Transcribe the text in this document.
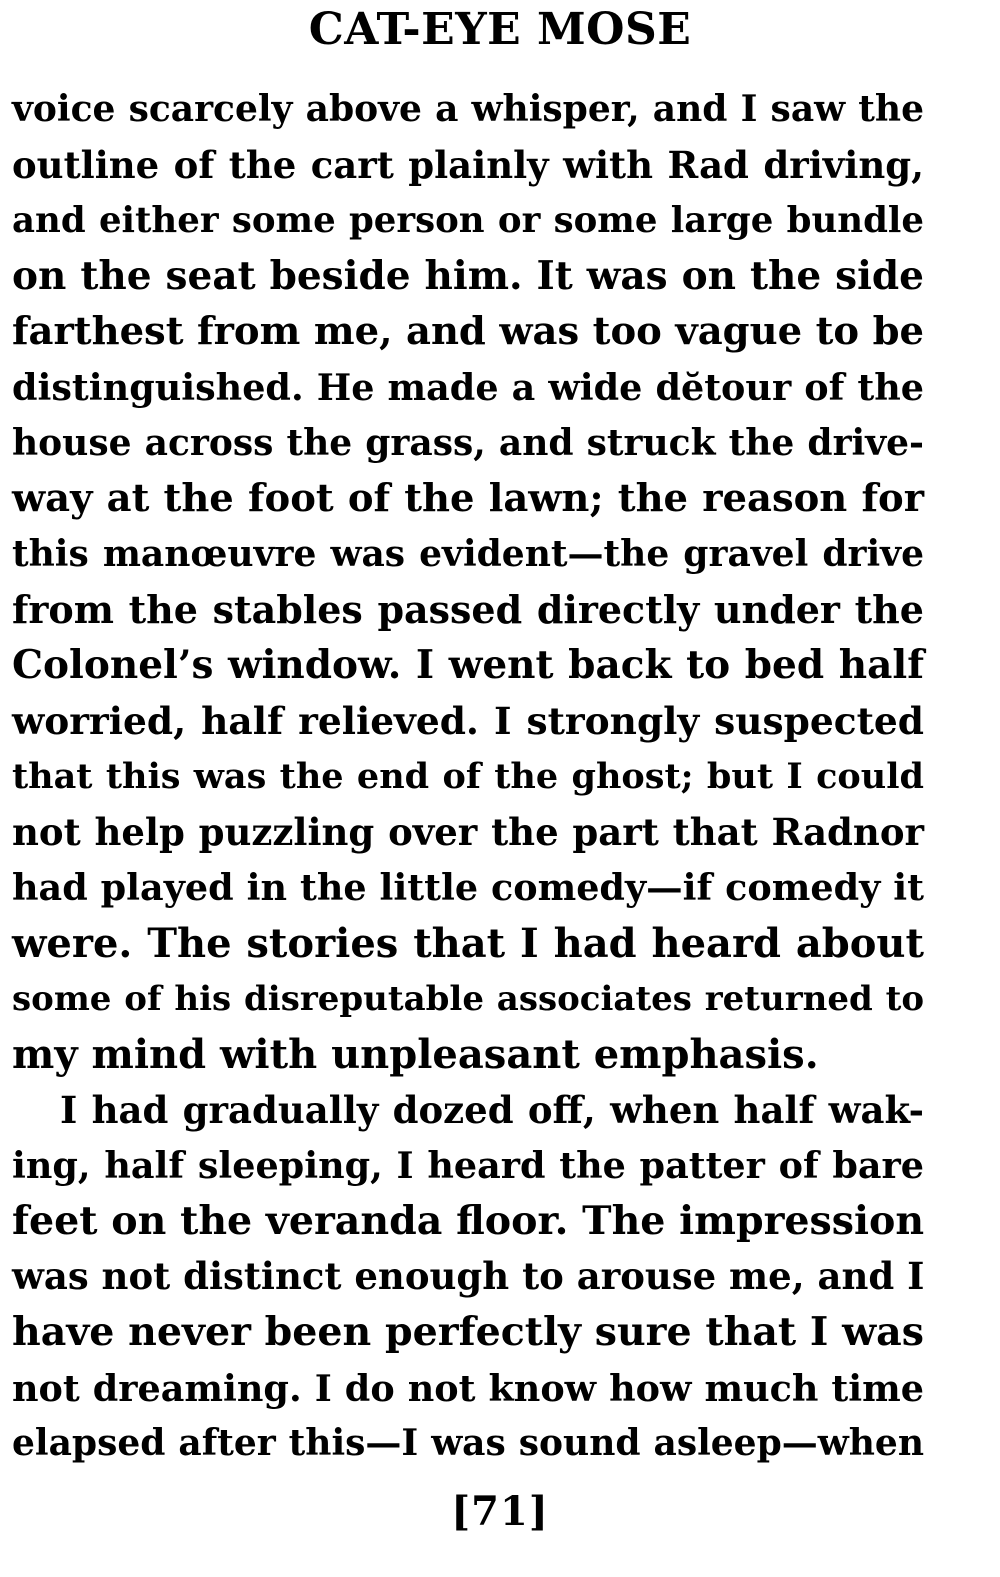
CAT-EYE MOSE
voice scarcely above a whisper, and I saw the
outline of the cart plainly with Rad driving,
and either some person or some large bundle
on the seat beside him. It was on the side
farthest from me, and was too vague to be
distinguished. He made a wide dĕtour of the
house across the grass, and struck the drive-
way at the foot of the lawn; the reason for
this manœuvre was evident—the gravel drive
from the stables passed directly under the
Colonel’s window. I went back to bed half
worried, half relieved. I strongly suspected
that this was the end of the ghost; but I could
not help puzzling over the part that Radnor
had played in the little comedy—if comedy it
were. The stories that I had heard about
some of his disreputable associates returned to
my mind with unpleasant emphasis.
I had gradually dozed off, when half wak-
ing, half sleeping, I heard the patter of bare
feet on the veranda floor. The impression
was not distinct enough to arouse me, and I
have never been perfectly sure that I was
not dreaming. I do not know how much time
elapsed after this—I was sound asleep—when
[71]
